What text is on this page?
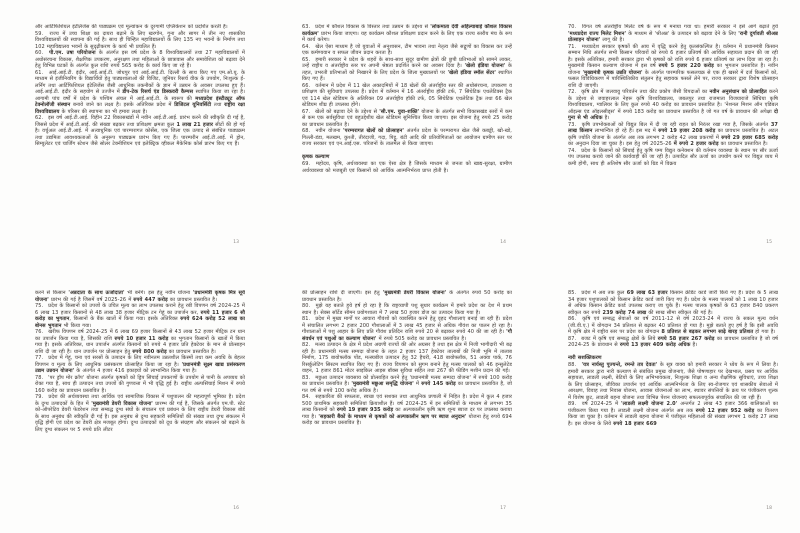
और आर्टिफिशियल इंटेलिजेंस की पाठ्यक्रम एवं मूल्यांकन के दूरगामी एप्लिकेशन को प्रदर्शित करती है।

59. राज्य में उच्च शिक्षा का दायरा बढ़ाने के लिए खरगोन, गुना और सागर में तीन नए शासकीय विश्वविद्यालयों की स्थापना की गई है। साथ ही चिन्हित महाविद्यालयों के लिए 135 नए भवनों के निर्माण तथा 102 महाविद्यालय भवनों के सुदृढ़ीकरण के कार्य भी प्रचलित हैं।

60. पी.एम. उषा परियोजना के अंतर्गत इस वर्ष प्रदेश के 8 विश्वविद्यालयों तथा 27 महाविद्यालयों में अधोसंरचना विकास, शैक्षणिक उपकरण, अनुरक्षण तथा महिलाओं के छात्रावास और समावेशिता को बढ़ावा देने हेतु विभिन्न घटकों के अंतर्गत कुल राशि रुपये 565 करोड़ के कार्य किए जा रहे हैं।

61. आई.आई.टी. इंदौर, आई.आई.टी. जोधपुर एवं आई.आई.टी. दिल्ली के साथ किए गए एम.ओ.यू. के माध्यम से इंजीनियरिंग के विद्यार्थियों हेतु पाठ्यशालाओं की विजिट, जूनियर रिसर्च वीक के उपयोग, निःशुल्क ई-लर्निंग तथा आर्टिफिशियल इंटेलिजेंस जैसी आधुनिक तकनीकों के ज्ञान में उन्नयन के अवसर उपलब्ध हुए हैं। आई.आई.टी. इंदौर के सहयोग से उज्जैन में डीप-टेक रिसर्च एंड डिस्कवरी कैम्पस स्थापित किया जा रहा है। आगामी पांच वर्षों में प्रदेश के पश्चिम अंचल में आई.आई.टी. के स्वरूप की मध्यप्रदेश इंस्टीट्यूट ऑफ टेक्नोलॉजी संस्थान बनाये जाने का लक्ष्य है। इसके अतिरिक्त प्रदेश में डिजिटल यूनिवर्सिटी तथा राष्ट्रीय रक्षा विश्वविद्यालय के परिसर की स्थापना का भी हमारा लक्ष्य है।

62. इस वर्ष आई.टी.आई. विहीन 22 विकासखंडों में नवीन आई.टी.आई. प्रारंभ करने की स्वीकृति दी गई है, जिससे प्रदेश में आई.टी.आई. की संख्या बढ़कर तथा प्रशिक्षण क्षमता कुल 1 लाख 21 हजार सीटों की हो गई है। वर्चुअल आई.टी.आई. में अत्याधुनिक एवं पारम्परागत कोर्सेस, एक जिला एक उत्पाद से संबंधित पाठ्यक्रम तथा उद्यमिता आवश्यकताओं के अनुरूप पाठ्यक्रम प्रारंभ किए गए हैं। पारम्परीन आई.टी.आई. में ड्रोन, सिम्युलेटर एवं चार्जिंग स्टेशन जैसे सोलर टेक्नीशियन एवं इलेक्ट्रिक व्हीकल मैकेनिक कोर्स प्रारंभ किए गए हैं।

13

63. प्रदेश में कौशल विकास के विस्तार तथा उन्नयन के उद्देश्य से 'लोकमाता देवी अहिल्याबाई कौशल विकास कार्यक्रम' प्रारंभ किया जाएगा। यह कार्यक्रम कौशल प्रशिक्षण प्रदान करने के लिए एक राज्य स्तरीय मंच के रूप में कार्य करेगा।

64. खेल ऐसा माध्यम है जो युवाओं में अनुशासन, टीम भावना तथा नेतृत्व जैसे सद्गुणों का विकास कर उन्हें एक कर्मण्यवान व सफल जीवन प्रदान करता है।

65. हमारी सरकार ने प्रदेश के शहरों के साथ-साथ सुदूर ग्रामीण क्षेत्रों की छुपी प्रतिभाओं को सामने लाकर, उन्हें राष्ट्रीय व अंतर्राष्ट्रीय स्तर पर अपनी श्रेष्ठता प्रदर्शित करने का अवसर दिया है। 'खेलो इंडिया योजना' के तहत, उभरती प्रतिभाओं को निखारने के लिए प्रदेश के जिला मुख्यालयों पर 'खेलो इंडिया स्मॉल सेंटर' स्थापित किए गए हैं।

66. वर्तमान में प्रदेश में 11 खेल अकादमियों में 18 खेलों की अंतर्राष्ट्रीय स्तर की अधोसंरचना, उपकरण व प्रशिक्षण की सुविधाएं उपलब्ध हैं। प्रदेश में वर्तमान में 16 अंतर्राष्ट्रीय हॉकी टर्फ, 7 सिंथेटिक एथलेटिक्स ट्रैक एवं 114 खेल स्टेडियम के अतिरिक्त 09 अंतर्राष्ट्रीय हॉकी टर्फ, 05 सिंथेटिक एथलेटिक ट्रैक तथा 66 खेल स्टेडियम शीघ्र ही उपलब्ध होंगे।

67. खेलों को बढ़ावा देने के उद्देश्य से 'सी.एम. युवा-शक्ति' योजना के अंतर्गत सभी विकासखंड स्तरों में कम से कम एक सर्वसुविधा एवं बहुउद्देशीय खेल स्टेडियम सुनिश्चित किया जाएगा। इस योजना हेतु रुपये 25 करोड़ का प्रावधान प्रस्तावित है।

68. नवीन योजना 'परम्परागत खेलों को प्रोत्साहन' अंतर्गत प्रदेश के परम्परागत खेल जैसे कबड्डी, खो-खो, गिल्ली-डंडा, मलखम, कुश्ती, तीरंदाजी, गदा, पिट्टू, बंटी आदि की प्रतियोगिताओं का आयोजन ग्रामीण स्तर पर राज्य सरकार एवं एन.आई.एस. परिजनों के तालमेल से किया जाएगा।

कृषक कल्याण

69. महोदय, कृषि, अर्थव्यवस्था का एक ऐसा क्षेत्र है जिसके माध्यम से जनता को खाद्य-सुरक्षा, ग्रामीण अर्थव्यवस्था को मजबूती एवं किसानों को आर्थिक आत्मनिर्भरता प्राप्त होती है।

14

70. विगत वर्ष अंतर्राष्ट्रीय मिलेट वर्ष के रूप में मनाया गया था। हमारी सरकार ने इसे आगे बढ़ाते हुये 'मध्यप्रदेश राज्य मिलेट मिशन' के माध्यम से 'श्रीअन्न' के उत्पादन को बढ़ावा देने के लिए 'रानी दुर्गावती श्रीअन्न प्रोत्साहन योजना' लागू की है।

71. मध्यप्रदेश सरकार कृषकों की आय में वृद्धि करने हेतु कृतसंकल्पित है। वर्तमान में प्रधानमंत्री किसान सम्मान निधि अंतर्गत सभी किसान परिवारों को रुपये 6 हजार प्रतिवर्ष की आर्थिक सहायता प्रदान की जा रही है। इसके अतिरिक्त, हमारी सरकार द्वारा भी कृषकों को राशि रुपये 6 हजार प्रतिवर्ष का लाभ दिया जा रहा है। मुख्यमंत्री किसान कल्याण योजना में इस वर्ष रुपये 5 हजार 220 करोड़ का भुगतान प्रस्तावित है। नवीन योजना 'मुख्यमंत्री कृषक उन्नति योजना' के अंतर्गत पारम्परिक फसलचक्र से एक ही खसरे में दर्ज किसानों को, फसल विविधिकरण में पारिस्थितिकीय संतुलन हेतु सहायक फसलें लेने पर, राज्य सरकार द्वारा विशेष प्रोत्साहन राशि दी जाएगी।

72. कृषि क्षेत्र में जलवायु परिवर्तन तथा कीट प्रकोप जैसी विपदाओं का नवीन अनुसंधान को प्रोत्साहित करने के उद्देश्य से जवाहरलाल नेहरू कृषि विश्वविद्यालय, जबलपुर तथा राजमाता विजयाराजे सिंधिया कृषि विश्वविद्यालय, ग्वालियर के लिए कुल रुपये 40 करोड़ का प्रावधान प्रस्तावित है। 'नेशनल मिशन ऑन एडिबल ऑइल्स एंड ऑइलसीड्स' में रुपये 183 करोड़ का प्रावधान प्रस्तावित है जो गत वर्ष के प्रावधान की अपेक्षा दो गुना से भी अधिक है।

73. कृषि उपभोक्ताओं को विद्युत बिल में दी जा रही राहत को निरंतर रखा गया है, जिसके अंतर्गत 37 लाख किसान लाभान्वित हो रहे हैं। इस मद में रुपये 19 हजार 208 करोड़ का प्रावधान प्रस्तावित है। अटल कृषि ज्योति योजना के अंतर्गत अब तक लगभग 2 करोड़ 42 लाख प्रकरणों में रुपये 29 हजार 685 करोड़ का अनुदान दिया जा चुका है। इस हेतु वर्ष 2025-26 में रुपये 2 हजार करोड़ का प्रावधान प्रस्तावित है।

74. प्रदेश के किसानों को सिंचाई हेतु कृषि पम्प विद्युत कनेक्शन की वर्तमान व्यवस्था के स्थान पर सौर ऊर्जा पंप उपलब्ध कराये जाने की कार्यवाही की जा रही है। उत्पादित सौर ऊर्जा का उपयोग करने पर विद्युत व्यय में कमी होगी, साथ ही अतिशेष सौर ऊर्जा को ग्रिड में विक्रय

15

करने से किसान 'अन्नदाता के साथ ऊर्जादाता' भी बनेंगे। इस हेतु नवीन योजना 'प्रधानमंत्री कृषक मित्र सूर्य योजना' प्रारंभ की गई है जिसमें वर्ष 2025-26 में रुपये 447 करोड़ का प्रावधान प्रस्तावित है।

75. प्रदेश के किसानों को उपजों के उचित मूल्य का लाभ उपलब्ध कराने हेतु रबी विपणन वर्ष 2024-25 में 6 लाख 13 हजार किसानों से 48 लाख 38 हजार मीट्रिक टन गेहूं का उपार्जन कर, रुपये 11 हजार 6 सौ करोड़ का भुगतान, किसानों के बैंक खातों में किया गया। इसके अतिरिक्त रुपये 624 करोड़ 52 लाख का बोनस भुगतान भी किया गया।

76. खरीफ विपणन वर्ष 2024-25 में 6 लाख 69 हजार किसानों से 43 लाख 52 हजार मीट्रिक टन धान का उपार्जन किया गया है, जिसकी राशि रुपये 10 हजार 11 करोड़ का भुगतान किसानों के खातों में किया गया है। इसके अतिरिक्त, धान उपार्जन अंतर्गत किसानों को रुपये 4 हजार प्रति हेक्टेयर के मान से प्रोत्साहन राशि दी जा रही है। धान उपार्जन पर प्रोत्साहन हेतु रुपये 800 करोड़ का प्रावधान प्रस्तावित है।

77. प्रदेश में गेहूं, चना एवं सरसों के उत्पादन के लिए नवीनतम उन्नतशील किस्मों तथा कम अवधि के बेहतर विपणन व मूल्य के लिए आधुनिक प्रसंस्करण प्रोत्साहित किया जा रहा है। 'प्रधानमंत्री सूक्ष्म खाद्य प्रसंस्करण उद्यम उन्नयन योजना' के अंतर्गत 4 हजार 416 इकाइयों को लाभान्वित किया गया है।

78. 'पर ड्रॉप मोर क्रॉप' योजना अंतर्गत कृषकों को ड्रिप सिंचाई उपकरणों के उपयोग से पानी के अपव्यय को रोका गया है, साथ ही उत्पादन तथा उपजों की गुणवत्ता में भी वृद्धि हुई है। राष्ट्रीय अल्पसिंचाई मिशन में रुपये 160 करोड़ का प्रावधान प्रस्तावित है।

79. प्रदेश की अर्थव्यवस्था तथा आर्थिक एवं सामाजिक विकास में पशुपालन की महत्वपूर्ण भूमिका है। प्रदेश के दुग्ध उत्पादकों के हित में 'मुख्यमंत्री डेयरी विकास योजना' प्रारम्भ की गई है, जिसके अंतर्गत एम.पी. स्टेट को-ऑपरेटिव डेयरी फेडरेशन तथा सम्बद्ध दुग्ध संघों के संचालन एवं प्रबंधन के लिए राष्ट्रीय डेयरी विकास बोर्ड के साथ अनुबंध की स्वीकृति दी गई है। इस अनुबंध से दुग्ध सहकारी समितियों की संख्या तथा दुग्ध संकलन में वृद्धि होगी एवं प्रदेश का डेयरी क्षेत्र मजबूत होगा। दुग्ध उत्पादकों को दूध के संग्रहण और संकलन को बढ़ाने के लिए दुग्ध संकलन पर 5 रुपये प्रति लीटर

16

की प्रोत्साहन राशि दी जाएगी। इस हेतु 'मुख्यमंत्री डेयरी विकास योजना' के अंतर्गत रुपये 50 करोड़ का प्रावधान प्रस्तावित है।

80. मुझे यह बताते हुये हर्ष हो रहा है कि राष्ट्रव्यापी पशु सुधार कार्यक्रम में हमारे प्रदेश का देश में प्रथम स्थान है। सेक्स सॉर्टेड सीमन प्रयोगशाला में 7 लाख 50 हजार डोज का उत्पादन किया गया है।

81. प्रदेश में मुख्य मार्गों पर आवारा गौवंशों को व्यवस्थित करने हेतु वृहद गौशालाएं बनाई जा रही हैं। प्रदेश में संचालित लगभग 2 हजार 200 गौशालाओं में 3 लाख 45 हजार से अधिक गौवंश का पालन हो रहा है। गौशालाओं में पशु आहार के लिए प्रति गौवंश प्रतिदिन राशि रुपये 20 से बढ़ाकर रुपये 40 की जा रही है। 'गौ संवर्धन एवं पशुओं का कल्याण योजना' में रुपये 505 करोड़ का प्रावधान प्रस्तावित है।

82. मत्स्य उत्पादन के क्षेत्र में प्रदेश अग्रणी राज्यों की ओर अग्रसर है तथा इस क्षेत्र में निजी भागीदारी भी बढ़ रही है। प्रधानमंत्री मत्स्य सम्पदा योजना के तहत 2 हजार 137 हेक्टेयर तालाबों की निजी भूमि में तालाब निर्माण, 175 बायोफ्लॉक पोंड, मत्स्यबीज उत्पादन हेतु 32 हैचरी, 418 बायोफ्लॉक, 51 अक्वा पार्क, 76 रिसर्कुलेटिंग सिस्टम स्थापित किए गए हैं। राज्य विपणन को सुगम बनाने हेतु मत्स्य पालकों को 46 इन्सुलेटेड वाहन, 1 हजार 861 मोटर साइकिल आइस बॉक्स सुविधा सहित तथा 267 की फीडिंग मशीन प्रदान की गईं।

83. मछुआ उत्पादन व्यवसाय को प्रोत्साहित करने हेतु 'प्रधानमंत्री मत्स्य सम्पदा योजना' में रुपये 100 करोड़ का प्रावधान प्रस्तावित है। 'मुख्यमंत्री मछुआ समृद्धि योजना' में रुपये 145 करोड़ का प्रावधान प्रस्तावित है, जो गत वर्ष से रुपये 100 करोड़ अधिक है।

84. सहकारिता की सफलता, स्वच्छ एवं सशक्त तथा आधुनिक प्रणाली में निहित है। प्रदेश में कुल 4 हजार 500 प्राथमिक सहकारी समितियां क्रियाशील हैं। वर्ष 2024-25 में इन समितियों के माध्यम से लगभग 35 लाख किसानों को रुपये 19 हजार 935 करोड़ का अल्पकालीन कृषि ऋण शून्य ब्याज दर पर उपलब्ध कराया गया है। 'सहकारी बैंकों के माध्यम से कृषकों को अल्पकालीन ऋण पर ब्याज अनुदान' योजना हेतु रुपये 694 करोड़ का प्रावधान प्रस्तावित है।

17

85. प्रदेश में अब तक कुल 69 लाख 63 हजार किसान क्रेडिट कार्ड जारी किये गए हैं। प्रदेश के 5 लाख 34 हजार पशुपालकों को किसान क्रेडिट कार्ड जारी किए गए हैं। प्रदेश के मत्स्य पालकों को 1 लाख 10 हजार से अधिक किसान क्रेडिट कार्ड उपलब्ध कराए जा चुके हैं। मत्स्य पालक कृषकों के 63 हजार 840 प्रकरण स्वीकृत कर रुपये 239 करोड़ 74 लाख की साख सीमा स्वीकृत की गई है।

86. कृषि एवं सम्बद्ध सेवाओं का वर्ष 2011-12 से वर्ष 2023-24 में राज्य के सकल मूल्य वर्धन (जी.वी.ए.) में योगदान 34 प्रतिशत से बढ़कर 40 प्रतिशत हो गया है। मुझे बताते हुए हर्ष है कि इसी अवधि में कृषि क्षेत्र में राष्ट्रीय स्तर पर प्रदेश का योगदान 8 प्रतिशत से बढ़कर लगभग साढ़े बारह प्रतिशत हो गया है।

87. बजट में कृषि एवं सम्बद्ध क्षेत्रों के लिये रुपये 58 हजार 267 करोड़ का प्रावधान प्रस्तावित है जो वर्ष 2024-25 के प्रावधान से रुपये 13 हजार 409 करोड़ अधिक है।

नारी सशक्तिकरण

88. 'यत्र नार्यस्तु पूज्यन्ते, रमन्ते तत्र देवता' के सूत्र वाक्य को हमारी सरकार ने ध्येय के रूप में लिया है। हमारी सरकार द्वारा नारी कल्याण से संबंधित प्रमुख योजनाएं, जैसे पोषणाहार पर देखभाल, प्रसव पर आर्थिक सहायता, लाडली लक्ष्मी, बेटियों के लिए अभिभावकत्व, निःशुल्क शिक्षा व अन्य शैक्षणिक सुविधाएं, उच्च शिक्षा के लिए प्रोत्साहन, जीविका उपार्जन एवं आर्थिक आत्मनिर्भरता के लिए स्व-रोजगार एवं शासकीय सेवाओं में आरक्षण, विवाह तथा निवास योजना, आवास योजनाओं का लाभ, स्थावर संपत्तियों के क्रय पर पंजीकरण शुल्क में विशेष छूट, लाडली बहना योजना तथा विभिन्न पेंशन योजनाएं सफलतापूर्वक संचालित की जा रही हैं।

89. वर्ष 2024-25 में 'लाडली लक्ष्मी योजना 2.0' अन्तर्गत 2 लाख 43 हजार 366 बालिकाओं का पंजीकरण किया गया है। लाडली लक्ष्मी योजना अंतर्गत अब तक रुपये 12 हजार 952 करोड़ का वितरण किया जा चुका है। वर्तमान में लाडली बहना योजना में पंजीकृत महिलाओं की संख्या लगभग 1 करोड़ 27 लाख है। इस योजना के लिये रुपये 18 हजार 669

18
